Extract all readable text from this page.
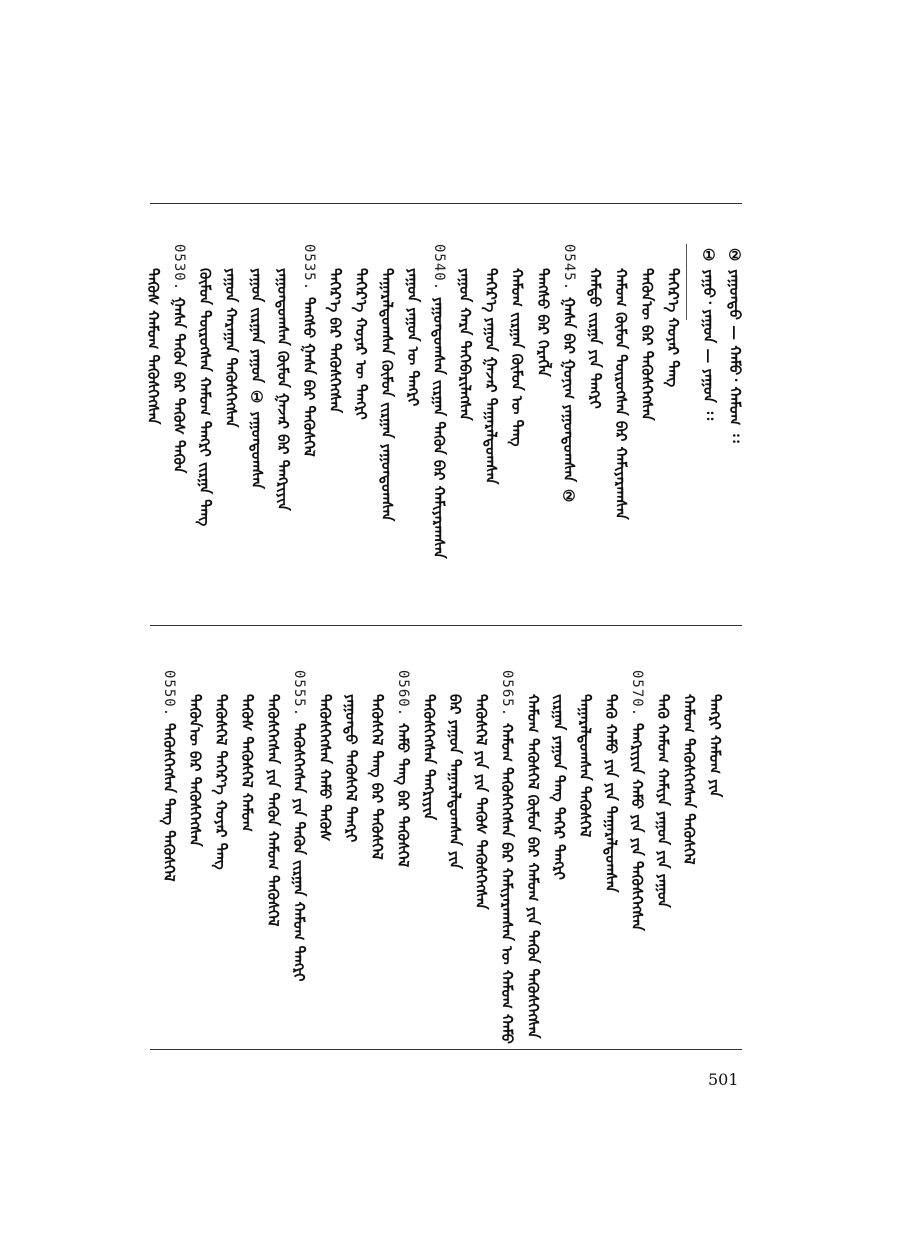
② ᠶᠠᠭᠤᠨᠳᠤ — ᠬᠠᠮᠤ᠂ ᠬᠠᠮᠤᠭ ᠄᠄
① ᠶᠠᠭᠤ᠂ ᠶᠠᠭᠤᠨ — ᠶᠠᠭᠤᠨ ᠄᠄
ᠳᠡᠭᠡᠷ᠎ᠡ ᠬᠣᠶᠠᠷ ᠲᠡᠩ
ᠲᠡᠭᠦᠨ᠎ᠦ ᠪᠡᠷ ᠲᠡᠭᠦᠰᠬᠡᠭᠰᠡᠨ
ᠬᠠᠮᠤᠭ ᠬᠦᠮᠦᠨ ᠲᠦᠷᠦᠭᠰᠡᠨ ᠪᠡᠷ ᠬᠠᠮᠢᠶᠠᠷᠠᠭᠰᠠᠨ
ᠬᠠᠮᠲᠤ ᠵᠢᠷᠭᠠ ᠶᠢᠨ ᠲᠡᠩᠷᠢ
0545.
ᠭᠠᠰᠠ ᠪᠡᠷ ᠭᠤᠨᠢᠭ ᠶᠠᠭᠤᠨᠳᠤᠭᠰᠠᠨ ②
ᠲᠡᠩᠰᠦ ᠪᠡᠷ ᠬᠡᠷᠡᠭᠯᠡ
ᠬᠠᠮᠤᠭ ᠵᠢᠷᠭᠠᠨ ᠬᠦᠮᠦᠨ ᠦ ᠲᠡᠩ
ᠳᠡᠭᠡᠷ᠎ᠡ ᠶᠠᠭᠤᠨ ᠭᠠᠵᠠᠷ ᠲᠠᠭᠠᠷᠠᠯᠳᠤᠭᠰᠠᠨ
ᠶᠠᠭᠤᠨ ᠬᠠᠷᠠ ᠲᠡᠭᠡᠪᠡᠷᠢᠯᠡᠭᠰᠡᠨ
0540.
ᠶᠠᠭᠤᠨᠳᠤᠭᠰᠠᠨ ᠵᠢᠷᠭᠠᠨ ᠲᠡᠭᠦᠨ ᠪᠡᠷ ᠬᠠᠮᠢᠶᠠᠷᠠᠭᠰᠠᠨ
ᠶᠠᠭᠤᠨ ᠶᠠᠭᠤᠨ ᠦ ᠲᠡᠩᠷᠢ
ᠲᠠᠭᠠᠷᠠᠯᠳᠤᠭᠰᠠᠨ ᠬᠦᠮᠦᠨ ᠵᠢᠷᠭᠠᠨ ᠶᠠᠭᠤᠨᠳᠤᠭᠰᠠᠨ
ᠳᠡᠭᠡᠷ᠎ᠡ ᠬᠣᠶᠠᠷ ᠦ ᠲᠡᠩᠷᠢ
ᠳᠡᠭᠡᠷ᠎ᠡ ᠪᠡᠷ ᠲᠡᠭᠦᠰᠬᠡᠭᠰᠡᠨ
0535.
ᠲᠡᠩᠰᠦ ᠭᠠᠰᠠ ᠪᠡᠷ ᠲᠡᠭᠦᠰᠬᠡᠯ
ᠶᠠᠭᠤᠨᠳᠤᠭᠰᠠᠨ ᠬᠦᠮᠦᠨ ᠭᠠᠵᠠᠷ ᠪᠡᠷ ᠲᠡᠩᠷᠢᠶᠢᠨ
ᠶᠠᠭᠤᠨ ᠵᠢᠷᠭᠠᠨ ᠶᠠᠭᠤᠨ ① ᠶᠠᠭᠤᠨᠳᠤᠭᠰᠠᠨ
ᠶᠠᠭᠤᠨ ᠬᠠᠷᠠᠭᠠᠨ ᠲᠡᠭᠦᠰᠬᠡᠭᠰᠡᠨ
ᠬᠦᠮᠦᠨ ᠲᠦᠷᠦᠭᠰᠡᠨ ᠬᠠᠮᠤᠭ ᠲᠡᠩᠷᠢ ᠵᠢᠷᠭᠠ ᠲᠡᠩ
0530.
ᠭᠠᠰᠠ ᠲᠡᠭᠦᠨ ᠪᠡᠷ ᠲᠡᠭᠦᠰ ᠲᠡᠭᠦᠨ
ᠲᠡᠭᠦᠰ ᠬᠠᠮᠤᠭ ᠲᠡᠭᠦᠰᠬᠡᠭᠰᠡᠨ
ᠲᠡᠩᠷᠢ ᠬᠠᠮᠤᠭ ᠶᠢᠨ
ᠬᠠᠮᠤᠭ ᠲᠡᠭᠦᠰᠬᠡᠭᠰᠡᠨ ᠲᠡᠭᠦᠰᠬᠡᠯ
ᠲᠡᠭᠦ ᠬᠠᠮᠤᠭ ᠬᠠᠮᠢᠶᠠ ᠶᠠᠭᠤᠨ ᠶᠢᠨ ᠶᠠᠭᠤᠨ
0570.
ᠲᠡᠩᠷᠢᠶᠢᠨ ᠬᠠᠮᠤ ᠶᠢᠨ ᠶᠢᠨ ᠲᠡᠭᠦᠰᠬᠡᠭᠰᠡᠨ
ᠲᠡᠭᠦ ᠬᠠᠮᠤ ᠶᠢᠨ ᠶᠢᠨ ᠲᠠᠭᠠᠷᠠᠯᠳᠤᠭᠰᠠᠨ
ᠲᠠᠭᠠᠷᠠᠯᠳᠤᠭᠰᠠᠨ ᠲᠡᠭᠦᠰᠬᠡᠯ
ᠵᠢᠷᠭᠠᠨ ᠶᠠᠭᠤᠨ ᠲᠡᠩ ᠳᠡᠭᠡᠷ ᠲᠡᠩᠷᠢ
ᠬᠠᠮᠤᠭ ᠲᠡᠭᠦᠰᠬᠡᠯ ᠬᠦᠮᠦᠨ ᠪᠡᠷ ᠬᠠᠮᠤᠭ ᠶᠢᠨ ᠲᠡᠭᠦᠨ ᠲᠡᠭᠦᠰᠬᠡᠭᠰᠡᠨ
0565.
ᠬᠠᠮᠤᠭ ᠲᠡᠭᠦᠰᠬᠡᠭᠰᠡᠨ ᠪᠡᠷ ᠬᠠᠮᠢᠶᠠᠷᠠᠭᠰᠠᠨ ᠦ ᠬᠠᠮᠤᠭ ᠬᠠᠮᠤ
ᠲᠡᠭᠦᠰᠬᠡᠯ ᠶᠢᠨ ᠶᠢᠨ ᠲᠡᠭᠦᠰ ᠲᠡᠭᠦᠰᠬᠡᠭᠰᠡᠨ
ᠪᠡᠷ ᠶᠠᠭᠤᠨ ᠲᠠᠭᠠᠷᠠᠯᠳᠤᠭᠰᠠᠨ ᠶᠢᠨ
ᠲᠡᠭᠦᠰᠬᠡᠭᠰᠡᠨ ᠲᠡᠩᠷᠢᠶᠢᠨ
0560.
ᠬᠠᠮᠤ ᠲᠡᠩ ᠪᠡᠷ ᠲᠡᠭᠦᠰᠬᠡᠯ
ᠲᠡᠭᠦᠰᠬᠡᠯ ᠲᠡᠩ ᠪᠡᠷ ᠲᠡᠭᠦᠰᠬᠡᠯ
ᠶᠠᠭᠤᠨᠳᠤ ᠲᠡᠭᠦᠰᠬᠡᠯ ᠲᠡᠩᠷᠢ
ᠲᠡᠭᠦᠰᠬᠡᠭᠰᠡᠨ ᠬᠠᠮᠤ ᠲᠡᠭᠦᠰ
0555.
ᠲᠡᠭᠦᠰᠬᠡᠭᠰᠡᠨ ᠶᠢᠨ ᠲᠡᠭᠦᠨ ᠵᠢᠷᠭᠠᠨ ᠬᠠᠮᠤᠭ ᠲᠡᠩᠷᠢ
ᠲᠡᠭᠦᠰᠬᠡᠭᠰᠡᠨ ᠶᠢᠨ ᠲᠡᠭᠦᠨ ᠬᠠᠮᠤᠭ ᠲᠡᠭᠦᠰᠬᠡᠯ
ᠲᠡᠭᠦᠰ ᠲᠡᠭᠦᠰᠬᠡᠯ ᠬᠠᠮᠤᠭ
ᠲᠡᠭᠦᠰᠬᠡᠯ ᠳᠡᠭᠡᠷ᠎ᠡ ᠬᠣᠶᠠᠷ ᠲᠡᠩ
ᠲᠡᠭᠦᠨ᠎ᠦ ᠪᠡᠷ ᠲᠡᠭᠦᠰᠬᠡᠭᠰᠡᠨ
0550.
ᠲᠡᠭᠦᠰᠬᠡᠭᠰᠡᠨ ᠲᠡᠩ ᠲᠡᠭᠦᠰᠬᠡᠯ
501
